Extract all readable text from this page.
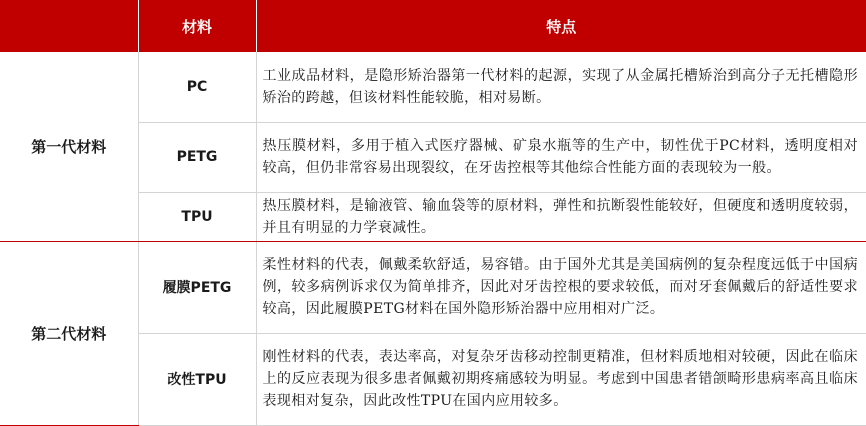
	材料	特点
第一代材料	PC	工业成品材料，是隐形矫治器第一代材料的起源，实现了从金属托槽矫治到高分子无托槽隐形矫治的跨越，但该材料性能较脆，相对易断。
	PETG	热压膜材料，多用于植入式医疗器械、矿泉水瓶等的生产中，韧性优于PC材料，透明度相对较高，但仍非常容易出现裂纹，在牙齿控根等其他综合性能方面的表现较为一般。
	TPU	热压膜材料，是输液管、输血袋等的原材料，弹性和抗断裂性能较好，但硬度和透明度较弱，并且有明显的力学衰减性。
第二代材料	履膜PETG	柔性材料的代表，佩戴柔软舒适，易容错。由于国外尤其是美国病例的复杂程度远低于中国病例，较多病例诉求仅为简单排齐，因此对牙齿控根的要求较低，而对牙套佩戴后的舒适性要求较高，因此履膜PETG材料在国外隐形矫治器中应用相对广泛。
	改性TPU	刚性材料的代表，表达率高，对复杂牙齿移动控制更精准，但材料质地相对较硬，因此在临床上的反应表现为很多患者佩戴初期疼痛感较为明显。考虑到中国患者错颌畸形患病率高且临床表现相对复杂，因此改性TPU在国内应用较多。
